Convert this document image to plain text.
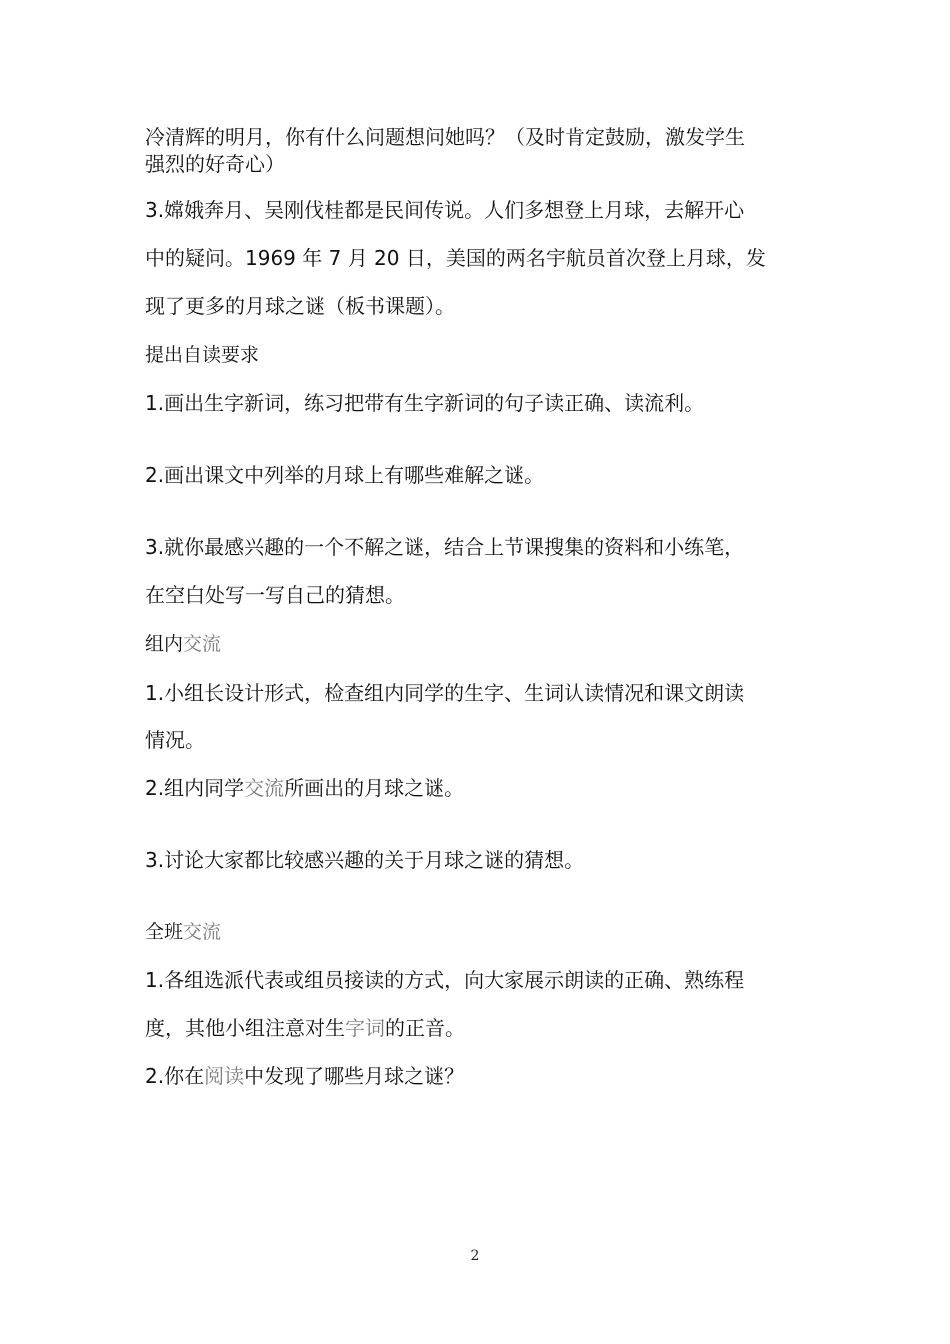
冷清辉的明月，你有什么问题想问她吗？（及时肯定鼓励，激发学生
强烈的好奇心）
3.嫦娥奔月、吴刚伐桂都是民间传说。人们多想登上月球，去解开心
中的疑问。1969 年 7 月 20 日，美国的两名宇航员首次登上月球，发
现了更多的月球之谜（板书课题）。
提出自读要求
1.画出生字新词，练习把带有生字新词的句子读正确、读流利。
2.画出课文中列举的月球上有哪些难解之谜。
3.就你最感兴趣的一个不解之谜，结合上节课搜集的资料和小练笔，
在空白处写一写自己的猜想。
组内交流
1.小组长设计形式，检查组内同学的生字、生词认读情况和课文朗读
情况。
2.组内同学交流所画出的月球之谜。
3.讨论大家都比较感兴趣的关于月球之谜的猜想。
全班交流
1.各组选派代表或组员接读的方式，向大家展示朗读的正确、熟练程
度，其他小组注意对生字词的正音。
2.你在阅读中发现了哪些月球之谜？
2
